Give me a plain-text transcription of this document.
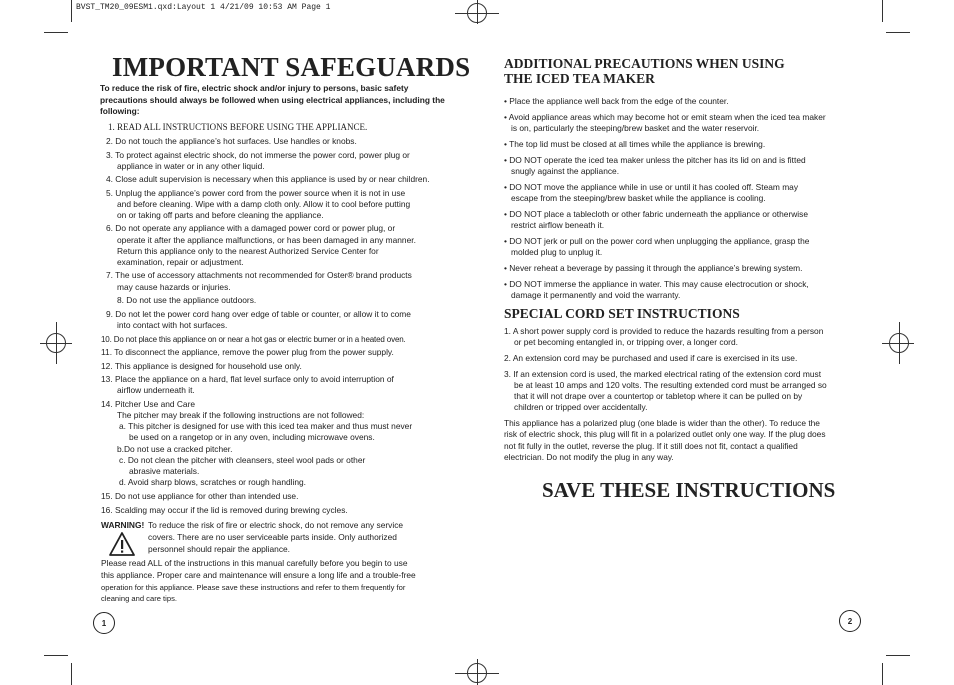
BVST_TM20_09ESM1.qxd:Layout 1 4/21/09 10:53 AM Page 1
IMPORTANT SAFEGUARDS
To reduce the risk of fire, electric shock and/or injury to persons, basic safety precautions should always be followed when using electrical appliances, including the following:
1. READ ALL INSTRUCTIONS BEFORE USING THE APPLIANCE.
2. Do not touch the appliance’s hot surfaces. Use handles or knobs.
3. To protect against electric shock, do not immerse the power cord, power plug or
appliance in water or in any other liquid.
4. Close adult supervision is necessary when this appliance is used by or near children.
5. Unplug the appliance’s power cord from the power source when it is not in use
and before cleaning. Wipe with a damp cloth only. Allow it to cool before putting
on or taking off parts and before cleaning the appliance.
6. Do not operate any appliance with a damaged power cord or power plug, or
operate it after the appliance malfunctions, or has been damaged in any manner.
Return this appliance only to the nearest Authorized Service Center for
examination, repair or adjustment.
7. The use of accessory attachments not recommended for Oster® brand products
may cause hazards or injuries.
8. Do not use the appliance outdoors.
9. Do not let the power cord hang over edge of table or counter, or allow it to come
into contact with hot surfaces.
10. Do not place this appliance on or near a hot gas or electric burner or in a heated oven.
11. To disconnect the appliance, remove the power plug from the power supply.
12. This appliance is designed for household use only.
13. Place the appliance on a hard, flat level surface only to avoid interruption of
airflow underneath it.
14. Pitcher Use and Care
The pitcher may break if the following instructions are not followed:
a. This pitcher is designed for use with this iced tea maker and thus must never
be used on a rangetop or in any oven, including microwave ovens.
b.Do not use a cracked pitcher.
c. Do not clean the pitcher with cleansers, steel wool pads or other
abrasive materials.
d. Avoid sharp blows, scratches or rough handling.
15. Do not use appliance for other than intended use.
16. Scalding may occur if the lid is removed during brewing cycles.
WARNING! To reduce the risk of fire or electric shock, do not remove any service
covers. There are no user serviceable parts inside. Only authorized
personnel should repair the appliance.
Please read ALL of the instructions in this manual carefully before you begin to use
this appliance. Proper care and maintenance will ensure a long life and a trouble-free
operation for this appliance. Please save these instructions and refer to them frequently for
cleaning and care tips.
1
ADDITIONAL PRECAUTIONS WHEN USING
THE ICED TEA MAKER
• Place the appliance well back from the edge of the counter.
• Avoid appliance areas which may become hot or emit steam when the iced tea maker
is on, particularly the steeping/brew basket and the water reservoir.
• The top lid must be closed at all times while the appliance is brewing.
• DO NOT operate the iced tea maker unless the pitcher has its lid on and is fitted
snugly against the appliance.
• DO NOT move the appliance while in use or until it has cooled off. Steam may
escape from the steeping/brew basket while the appliance is cooling.
• DO NOT place a tablecloth or other fabric underneath the appliance or otherwise
restrict airflow beneath it.
• DO NOT jerk or pull on the power cord when unplugging the appliance, grasp the
molded plug to unplug it.
• Never reheat a beverage by passing it through the appliance’s brewing system.
• DO NOT immerse the appliance in water. This may cause electrocution or shock,
damage it permanently and void the warranty.
SPECIAL CORD SET INSTRUCTIONS
1. A short power supply cord is provided to reduce the hazards resulting from a person
or pet becoming entangled in, or tripping over, a longer cord.
2. An extension cord may be purchased and used if care is exercised in its use.
3. If an extension cord is used, the marked electrical rating of the extension cord must
be at least 10 amps and 120 volts. The resulting extended cord must be arranged so
that it will not drape over a countertop or tabletop where it can be pulled on by
children or tripped over accidentally.
This appliance has a polarized plug (one blade is wider than the other). To reduce the
risk of electric shock, this plug will fit in a polarized outlet only one way. If the plug does
not fit fully in the outlet, reverse the plug. If it still does not fit, contact a qualified
electrician. Do not modify the plug in any way.
SAVE THESE INSTRUCTIONS
2
